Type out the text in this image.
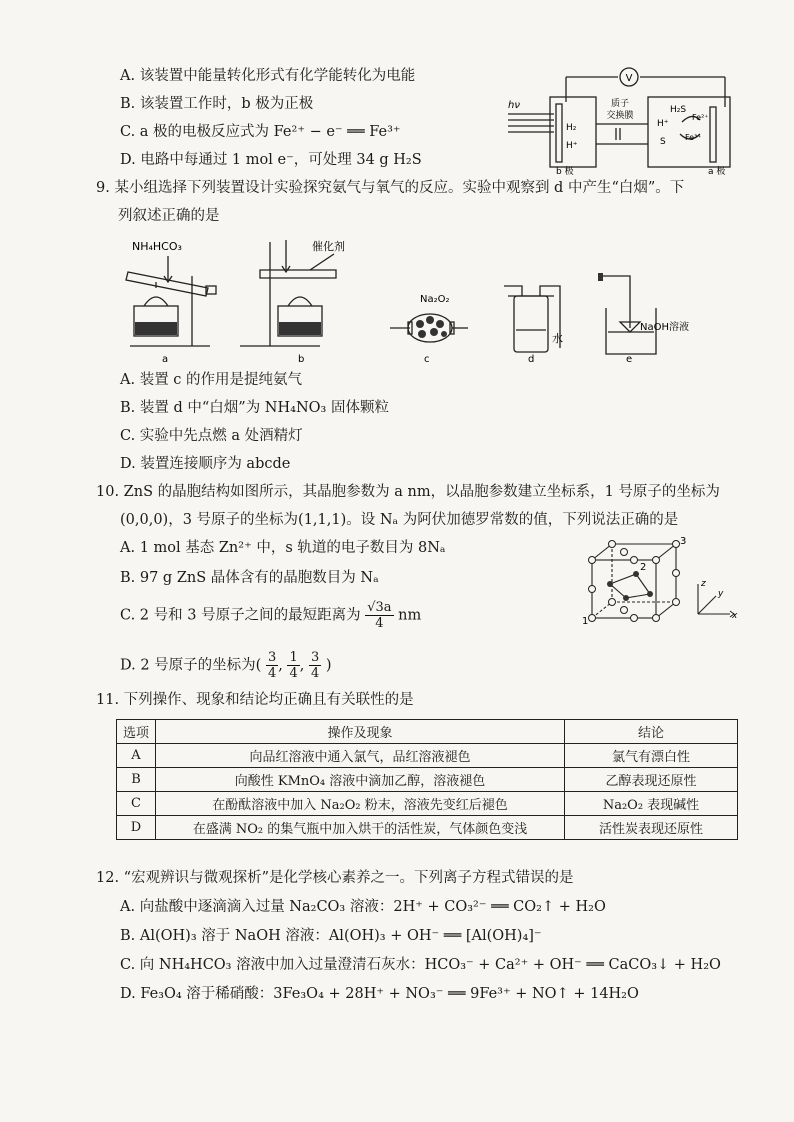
A. 该装置中能量转化形式有化学能转化为电能
B. 该装置工作时，b 极为正极
C. a 极的电极反应式为 Fe²⁺ − e⁻ ══ Fe³⁺
D. 电路中每通过 1 mol e⁻，可处理 34 g H₂S
V
hν	质子
交换膜
H₂
H⁺
b 极	a 极
H₂S
H⁺
S
Fe²⁺
Fe³⁺
9. 某小组选择下列装置设计实验探究氨气与氧气的反应。实验中观察到 d 中产生“白烟”。下
列叙述正确的是
NH₄HCO₃	催化剂
Na₂O₂
水
NaOH溶液
a	b	c	d	e
A. 装置 c 的作用是提纯氨气
B. 装置 d 中“白烟”为 NH₄NO₃ 固体颗粒
C. 实验中先点燃 a 处酒精灯
D. 装置连接顺序为 abcde
10. ZnS 的晶胞结构如图所示，其晶胞参数为 a nm，以晶胞参数建立坐标系，1 号原子的坐标为
(0,0,0)，3 号原子的坐标为(1,1,1)。设 Nₐ 为阿伏加德罗常数的值，下列说法正确的是
A. 1 mol 基态 Zn²⁺ 中，s 轨道的电子数目为 8Nₐ
B. 97 g ZnS 晶体含有的晶胞数目为 Nₐ
C. 2 号和 3 号原子之间的最短距离为 $\frac{√3a}{4}$ nm
D. 2 号原子的坐标为( $\frac{3}{4}$ , $\frac{1}{4}$ , $\frac{3}{4}$ )
3
2
1	x
y
z
11. 下列操作、现象和结论均正确且有关联性的是
选项	操作及现象	结论
A	向品红溶液中通入氯气，品红溶液褪色	氯气有漂白性
B	向酸性 KMnO₄ 溶液中滴加乙醇，溶液褪色	乙醇表现还原性
C	在酚酞溶液中加入 Na₂O₂ 粉末，溶液先变红后褪色	Na₂O₂ 表现碱性
D	在盛满 NO₂ 的集气瓶中加入烘干的活性炭，气体颜色变浅	活性炭表现还原性
12. “宏观辨识与微观探析”是化学核心素养之一。下列离子方程式错误的是
A. 向盐酸中逐滴滴入过量 Na₂CO₃ 溶液：2H⁺ + CO₃²⁻ ══ CO₂↑ + H₂O
B. Al(OH)₃ 溶于 NaOH 溶液：Al(OH)₃ + OH⁻ ══ [Al(OH)₄]⁻
C. 向 NH₄HCO₃ 溶液中加入过量澄清石灰水：HCO₃⁻ + Ca²⁺ + OH⁻ ══ CaCO₃↓ + H₂O
D. Fe₃O₄ 溶于稀硝酸：3Fe₃O₄ + 28H⁺ + NO₃⁻ ══ 9Fe³⁺ + NO↑ + 14H₂O
